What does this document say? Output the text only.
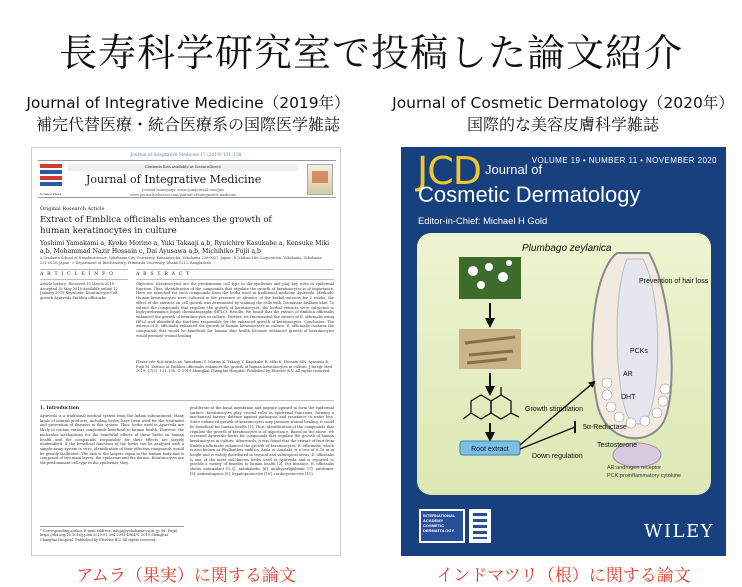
長寿科学研究室で投稿した論文紹介
Journal of Integrative Medicine（2019年）
補完代替医療・統合医療系の国際医学雑誌
Journal of Cosmetic Dermatology（2020年）
国際的な美容皮膚科学雑誌
Journal of Integrative Medicine 17 (2019) 131–138
Science Press
Contents lists available at ScienceDirect
Journal of Integrative Medicine
journal homepage: www.jcimjournal.com/jim
www.journals.elsevier.com/journal-of-integrative-medicine
Original Research Article
Extract of Emblica officinalis enhances the growth of human keratinocytes in culture
Yoshimi Yamakami a, Kyoko Morino a, Yuki Takaaji a,b, Ryuichiro Kasukabe a, Kensuke Miki a,b, Mohammad Nazir Hossain c, Dai Ayusawa a,b, Michihiko Fujii a,b
a Graduate School of Nanobioscience, Yokohama City University, Kanazawa-ku, Yokohama 236-0027, Japan · b Ichiban Life Corporation, Yokohama, Yokohama 231-0028, Japan · c Department of Biochemistry, Primeasia University, Dhaka 1213, Bangladesh
A R T I C L E I N F O	A B S T R A C T
Article history: Received 19 March 2018 Accepted 18 May 2018 Available online 12 January 2019 Keywords: Keratinocyte Cell growth Ayurveda Emblica officinalis
Objective: Keratinocytes are the predominant cell type in the epidermis and play key roles in epidermal function. Thus, identification of the compounds that regulate the growth of keratinocytes is of importance. Here we searched for such compounds from the herbs used in traditional medicine Ayurveda. Methods: Human keratinocytes were cultured in the presence or absence of the herbal extracts for 2 weeks; the effect of the extracts on cell growth was determined by staining the cells with Coomassie brilliant blue. To extract the compounds that regulate the growth of keratinocytes, the herbal extracts were subjected to high-performance liquid chromatography (HPLC). Results: We found that the extract of Emblica officinalis enhanced the growth of keratinocytes in culture. Further, we fractionated the extract of E. officinalis using HPLC and identified the fractions responsible for the enhanced growth of keratinocytes. Conclusion: The extract of E. officinalis enhanced the growth of human keratinocytes in culture. E. officinalis contains the compounds that would be beneficial for human skin health because enhanced growth of keratinocytes would promote wound healing.
Please cite this article as: Yamakami Y, Morino K, Takaaji Y, Kasukabe R, Miki K, Hossain MN, Ayusawa D, Fujii M. Extract of Emblica officinalis enhances the growth of human keratinocytes in culture. J Integr Med. 2019; 17(2): 131–138. © 2019 Shanghai Changhai Hospital. Published by Elsevier B.V. All rights reserved.
1. Introduction
Ayurveda is a traditional medical system from the Indian subcontinent. Many kinds of natural products, including herbs, have been used for the treatment and prevention of diseases in this system. Thus, herbs used in Ayurveda are likely to contain various compounds beneficial to human health. However, the molecular mechanisms for the beneficial effects of these herbs on human health and the compounds responsible for their effects are largely unidentified. If the beneficial functions of the herbs can be analyzed with a simple assay system in vitro, identification of their effective compounds would be greatly facilitated. The skin is the largest organ in the human body and is composed of two main layers: the epidermis and the dermis. Keratinocytes are the predominant cell type in the epidermis; they
proliferate at the basal membrane and migrate upward to form the epidermal surface. Keratinocytes play crucial roles in epidermal functions, forming a mechanical barrier, defense against pathogens and resistance to water loss. Since enhanced growth of keratinocytes may promote wound healing, it could be beneficial for human health [1]. Thus, identification of the compounds that regulate the growth of keratinocytes is of importance. Based on the above, we screened Ayurvedic herbs for compounds that regulate the growth of human keratinocytes in culture. Afterwards, it was found that the extract of fruit from Emblica officinalis enhanced the growth of keratinocytes. E. officinalis, which is also known as Phyllanthus emblica, Amla or Amalaki, is a tree of 8–18 m in height and is widely distributed in tropical and subtropical areas. E. officinalis is one of the most well-known herbs used in Ayurveda and is reported to provide a variety of benefits to human health [2]. For instance, E. officinalis shows antioxidant [3–5], antidiabetic [6], antihyperlipidemic [7], antitumor [8], antimutagenic [9], hepatoprotective [10], cardioprotective [11],
* Corresponding author. E-mail address: mfujii@yokohama-cu.ac.jp (M. Fujii). https://doi.org/10.1016/j.joim.2019.01.004 2095-4964/© 2019 Shanghai Changhai Hospital. Published by Elsevier B.V. All rights reserved.
VOLUME 19 • NUMBER 11 • NOVEMBER 2020
JCD Journal of
Cosmetic Dermatology
Editor-in-Chief: Michael H Gold
Plumbago zeylanica
Root extract
Prevention of hair loss
PCKs
AR
DHT
5α-Reductase
Testosterone
Growth stimulation
Down regulation
AR:androgen receptor
PCK:proinflammatory cytokine
INTERNATIONAL ACADEMY COSMETIC DERMATOLOGY	WILEY
アムラ（果実）に関する論文	インドマツリ（根）に関する論文
